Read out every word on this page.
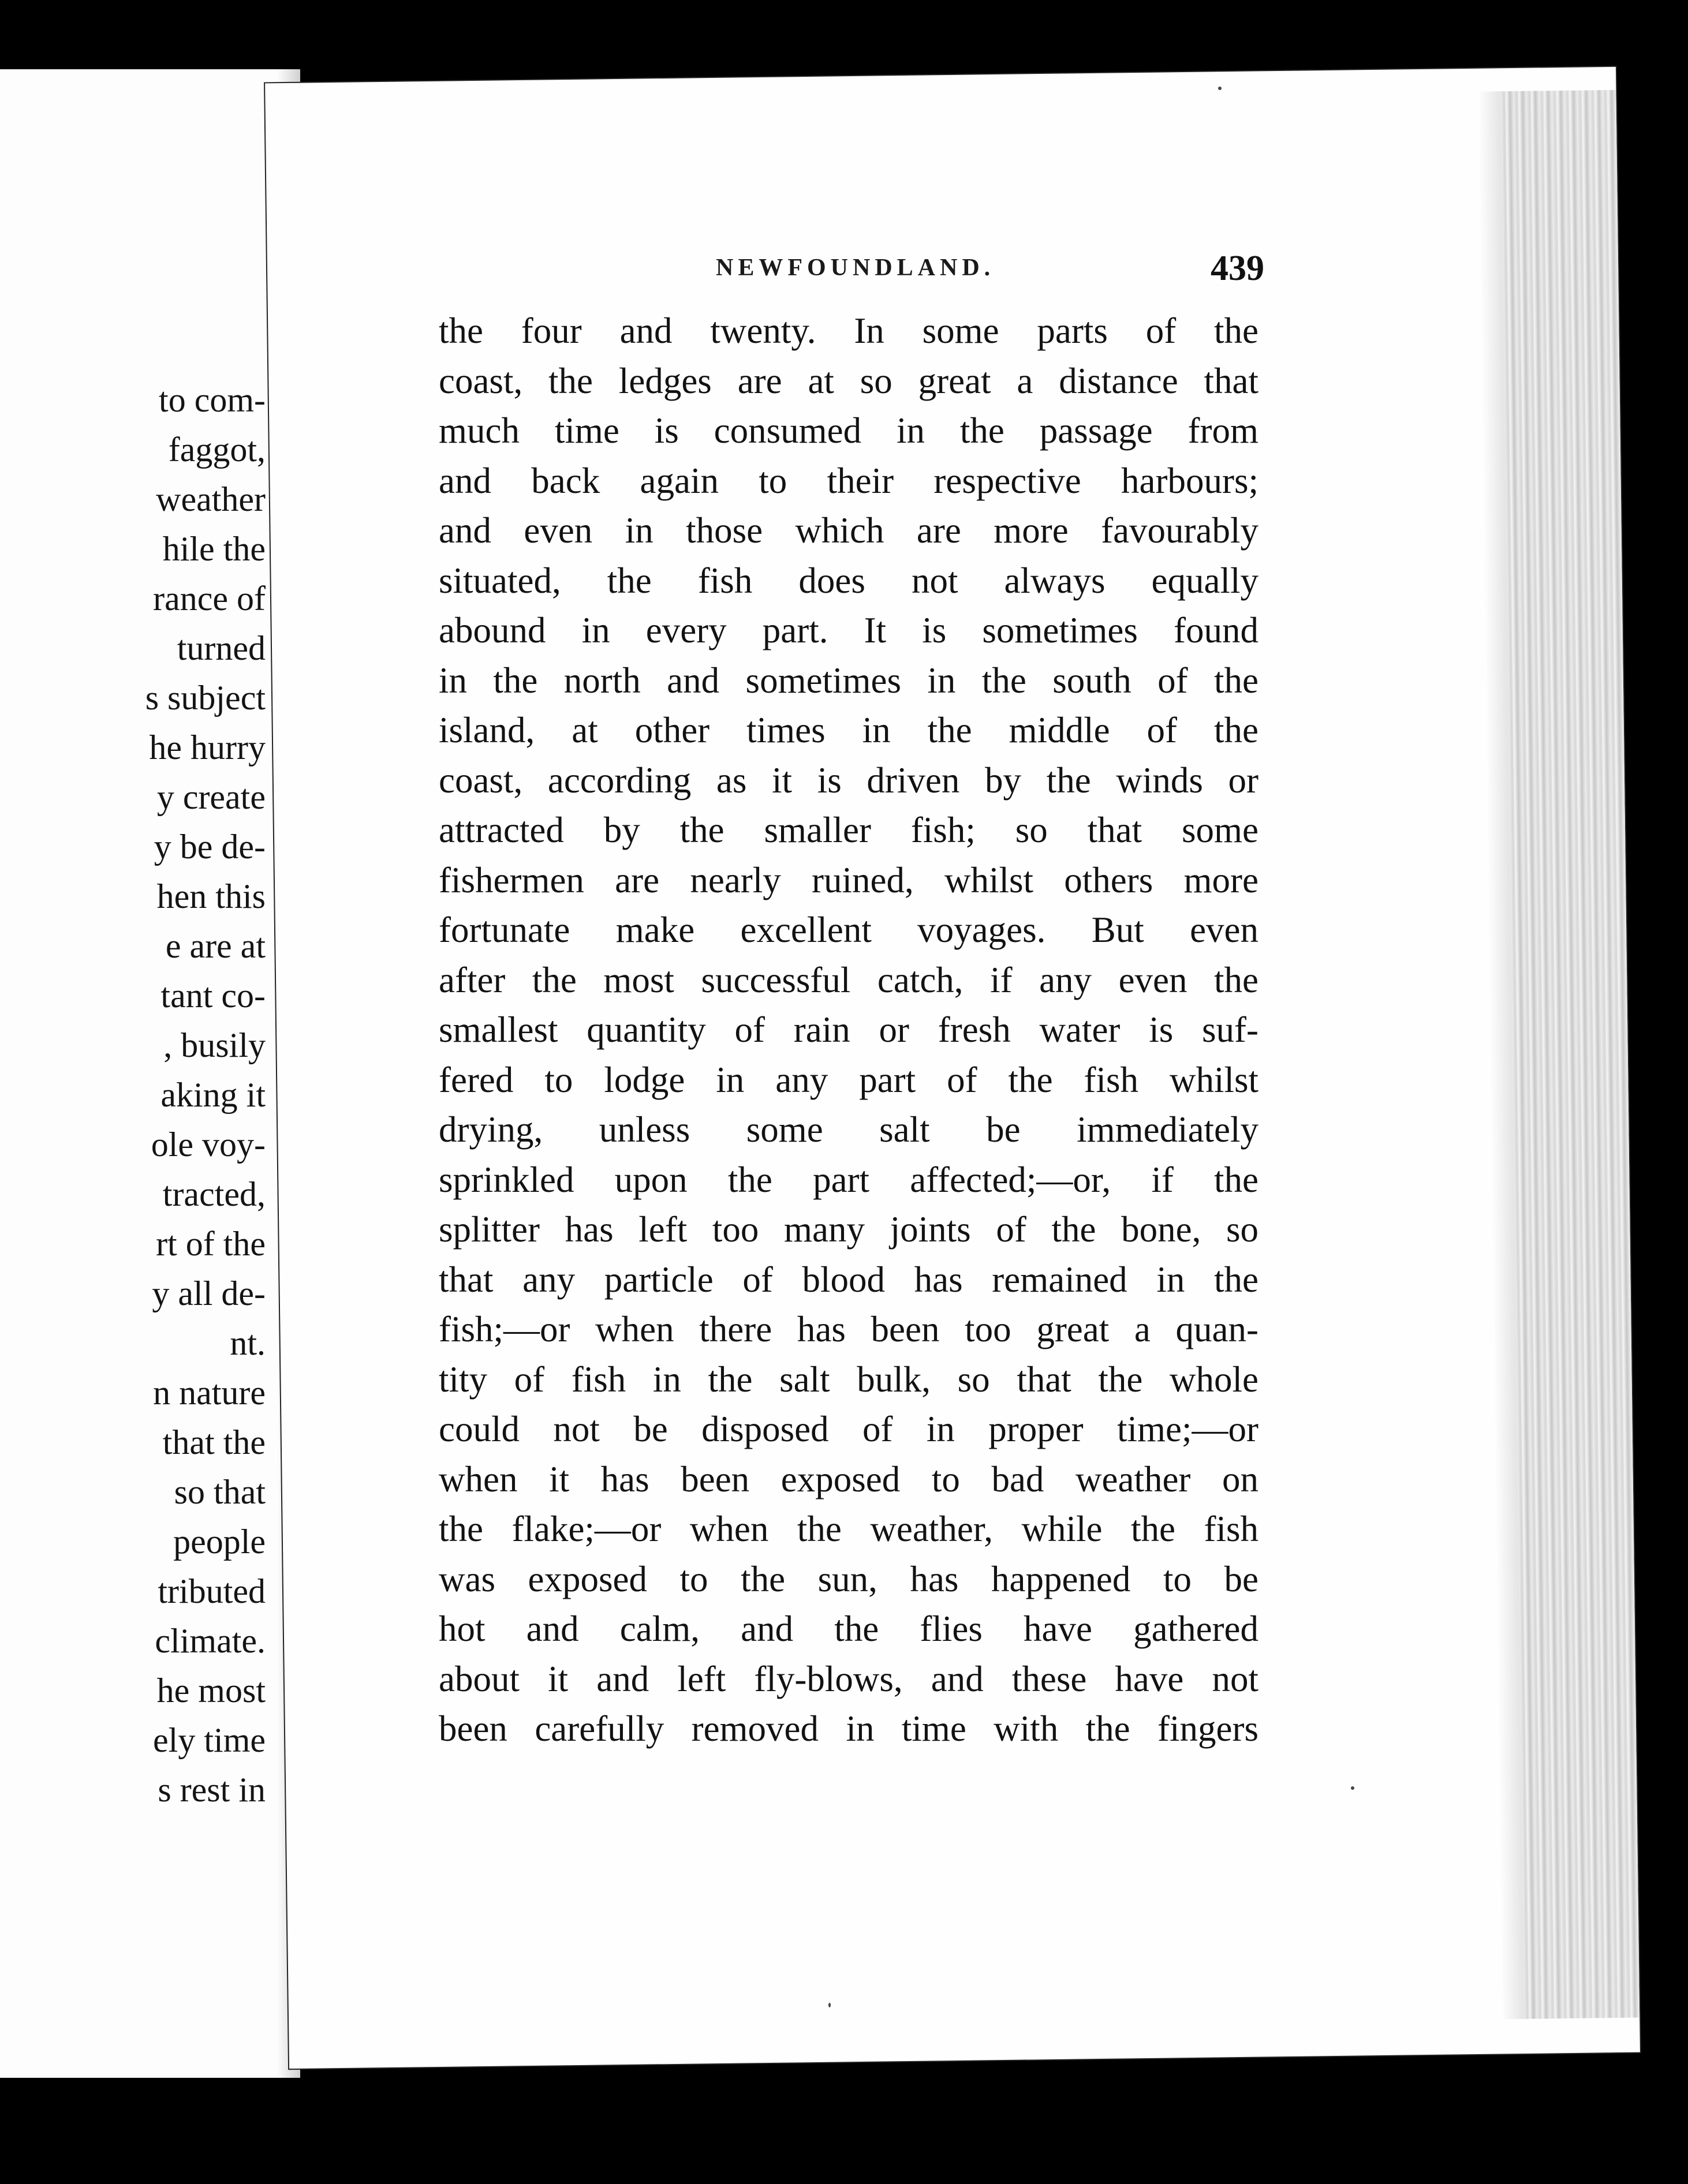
to com-
faggot,
weather
hile the
rance of
turned
s subject
he hurry
y create
y be de-
hen this
e are at
tant co-
, busily
aking it
ole voy-
tracted,
rt of the
y all de-
nt.
n nature
that the
so that
people
tributed
climate.
he most
ely time
s rest in
NEWFOUNDLAND.	439
the four and twenty. In some parts of the
coast, the ledges are at so great a distance that
much time is consumed in the passage from
and back again to their respective harbours;
and even in those which are more favourably
situated, the fish does not always equally
abound in every part. It is sometimes found
in the north and sometimes in the south of the
island, at other times in the middle of the
coast, according as it is driven by the winds or
attracted by the smaller fish; so that some
fishermen are nearly ruined, whilst others more
fortunate make excellent voyages. But even
after the most successful catch, if any even the
smallest quantity of rain or fresh water is suf-
fered to lodge in any part of the fish whilst
drying, unless some salt be immediately
sprinkled upon the part affected;—or, if the
splitter has left too many joints of the bone, so
that any particle of blood has remained in the
fish;—or when there has been too great a quan-
tity of fish in the salt bulk, so that the whole
could not be disposed of in proper time;—or
when it has been exposed to bad weather on
the flake;—or when the weather, while the fish
was exposed to the sun, has happened to be
hot and calm, and the flies have gathered
about it and left fly-blows, and these have not
been carefully removed in time with the fingers
